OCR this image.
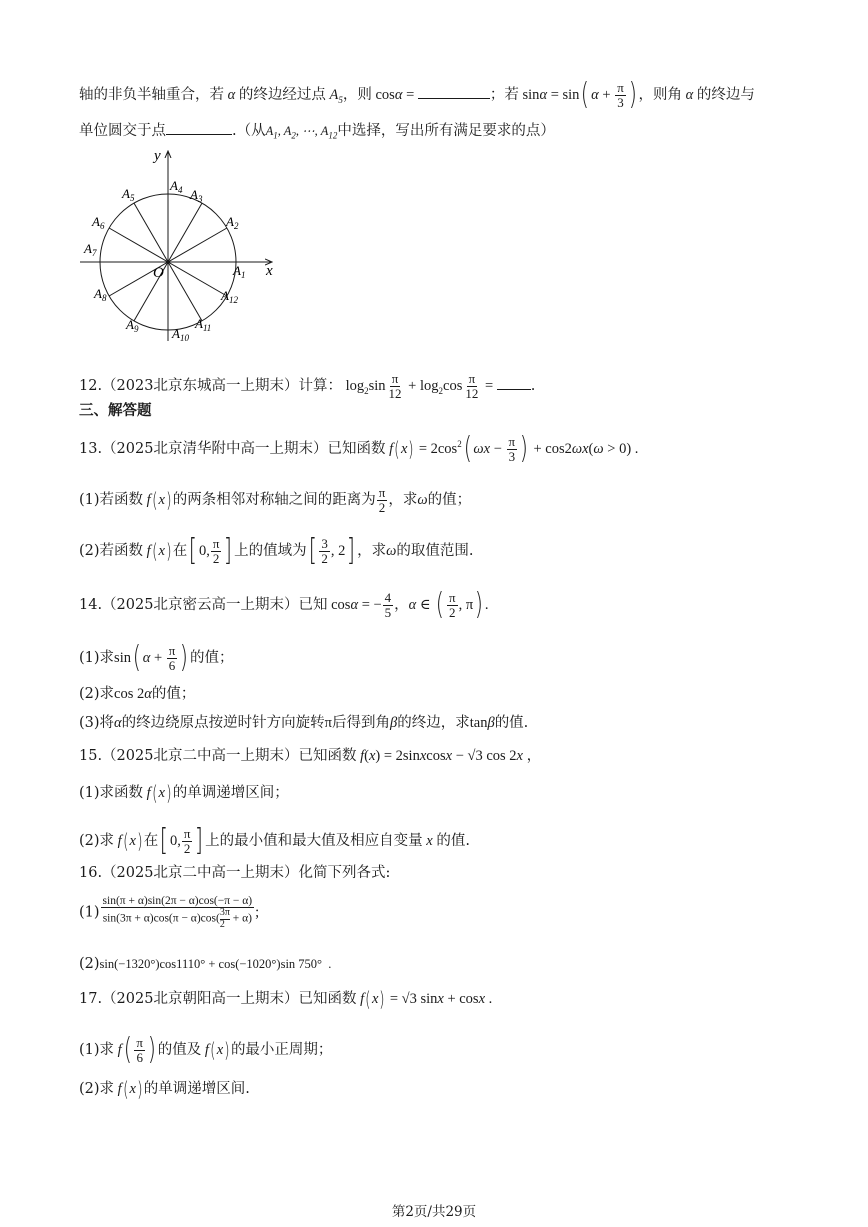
轴的非负半轴重合，若 α 的终边经过点 $A_5$，则 cosα =	；若 sinα = sin( $\alpha + \frac{\pi}{3}$ ) ，则角 α 的终边与
单位圆交于点	.（从$A_1$, $A_2$, ⋯, $A_{12}$中选择，写出所有满足要求的点）
y
x
O	$A_1$
$A_2$
$A_3$
$A_4$
$A_5$
$A_6$
$A_7$
$A_8$
$A_9$	$A_{10}$
$A_{11}$
$A_{12}$
12.（2023北京东城高一上期末）计算： $\log_2\sin \frac{\pi}{12} + \log_2\cos \frac{\pi}{12}$ = .
三、解答题
13.（2025北京清华附中高一上期末）已知函数 $f(x) = 2\cos^2$( $\omega x - \frac{\pi}{3}$ ) + cos2ωx(ω > 0) .
(1)若函数 f(x)的两条相邻对称轴之间的距离为 $\frac{\pi}{2}$ ，求ω的值；
(2)若函数 f(x)在[ 0, $\frac{\pi}{2}$ ] 上的值域为[ $\frac{3}{2}$ , 2] ，求ω的取值范围.
14.（2025北京密云高一上期末）已知 cosα = − $\frac{4}{5}$ ，α ∈ ( $\frac{\pi}{2}$ , π) .
(1)求sin( $\alpha + \frac{\pi}{6}$ ) 的值；
(2)求cos 2α的值；
(3)将α的终边绕原点按逆时针方向旋转π后得到角β的终边，求tanβ的值.
15.（2025北京二中高一上期末）已知函数 f(x) = 2sinxcosx − √3 cos 2x ，
(1)求函数 f(x)的单调递增区间；
(2)求 f(x)在[ 0, $\frac{\pi}{2}$ ] 上的最小值和最大值及相应自变量 x 的值.
16.（2025北京二中高一上期末）化简下列各式:
$(1) \frac{\sin(\pi + \alpha)\sin(2\pi - \alpha)\cos(-\pi - \alpha)}{\sin(3\pi + \alpha)\cos(\pi - \alpha)\cos( \frac{3\pi}{2} + \alpha)}$ ;
(2)sin(−1320°)cos1110° + cos(−1020°)sin 750°  .
17.（2025北京朝阳高一上期末）已知函数 f(x) = √3 sinx + cosx .
(1)求 $f( \frac{\pi}{6}$ ) 的值及 f(x)的最小正周期；
(2)求 f(x)的单调递增区间.
第2页/共29页
